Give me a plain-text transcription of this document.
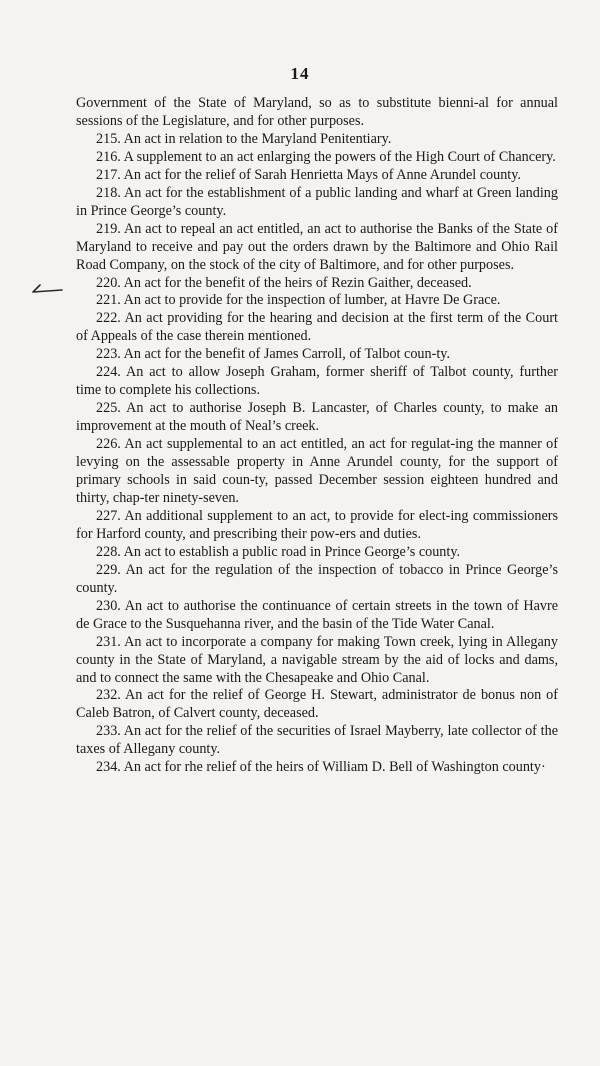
14

Government of the State of Maryland, so as to substitute bienni-al for annual sessions of the Legislature, and for other purposes.

215. An act in relation to the Maryland Penitentiary.

216. A supplement to an act enlarging the powers of the High Court of Chancery.

217. An act for the relief of Sarah Henrietta Mays of Anne Arundel county.

218. An act for the establishment of a public landing and wharf at Green landing in Prince George’s county.

219. An act to repeal an act entitled, an act to authorise the Banks of the State of Maryland to receive and pay out the orders drawn by the Baltimore and Ohio Rail Road Company, on the stock of the city of Baltimore, and for other purposes.

220. An act for the benefit of the heirs of Rezin Gaither, deceased.

221. An act to provide for the inspection of lumber, at Havre De Grace.

222. An act providing for the hearing and decision at the first term of the Court of Appeals of the case therein mentioned.

223. An act for the benefit of James Carroll, of Talbot coun-ty.

224. An act to allow Joseph Graham, former sheriff of Talbot county, further time to complete his collections.

225. An act to authorise Joseph B. Lancaster, of Charles county, to make an improvement at the mouth of Neal’s creek.

226. An act supplemental to an act entitled, an act for regulat-ing the manner of levying on the assessable property in Anne Arundel county, for the support of primary schools in said coun-ty, passed December session eighteen hundred and thirty, chap-ter ninety-seven.

227. An additional supplement to an act, to provide for elect-ing commissioners for Harford county, and prescribing their pow-ers and duties.

228. An act to establish a public road in Prince George’s county.

229. An act for the regulation of the inspection of tobacco in Prince George’s county.

230. An act to authorise the continuance of certain streets in the town of Havre de Grace to the Susquehanna river, and the basin of the Tide Water Canal.

231. An act to incorporate a company for making Town creek, lying in Allegany county in the State of Maryland, a navigable stream by the aid of locks and dams, and to connect the same with the Chesapeake and Ohio Canal.

232. An act for the relief of George H. Stewart, administrator de bonus non of Caleb Batron, of Calvert county, deceased.

233. An act for the relief of the securities of Israel Mayberry, late collector of the taxes of Allegany county.

234. An act for rhe relief of the heirs of William D. Bell of Washington county·
